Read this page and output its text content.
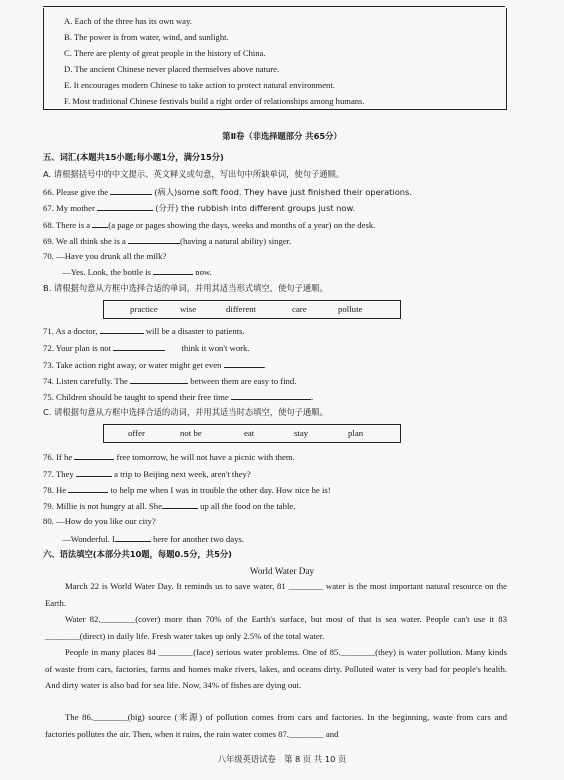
A. Each of the three has its own way.
B. The power is from water, wind, and sunlight.
C. There are plenty of great people in the history of China.
D. The ancient Chinese never placed themselves above nature.
E. It encourages modern Chinese to take action to protect natural environment.
F. Most traditional Chinese festivals build a right order of relationships among humans.
第Ⅱ卷（非选择题部分 共65分）
五、词汇(本题共15小题;每小题1分，满分15分)
A. 请根据括号中的中文提示、英文释义或句意，写出句中所缺单词，使句子通顺。
66. Please give the	(病人)some soft food. They have just finished their operations.
67. My mother	(分开) the rubbish into different groups just now.
68. There is a (a page or pages showing the days, weeks and months of a year) on the desk.
69. We all think she is a	(having a natural ability) singer.
70. —Have you drunk all the milk?
—Yes. Look, the bottle is	now.
B. 请根据句意从方框中选择合适的单词，并用其适当形式填空，使句子通顺。
practice	wise	different	care	pollute
71. As a doctor,	will be a disaster to patients.
72. Your plan is not	think it won't work.
73. Take action right away, or water might get even	.
74. Listen carefully. The	between them are easy to find.
75. Children should be taught to spend their free time	.
C. 请根据句意从方框中选择合适的动词，并用其适当时态填空，使句子通顺。
offer	not be	eat	stay	plan
76. If he	free tomorrow, he will not have a picnic with them.
77. They	a trip to Beijing next week, aren't they?
78. He	to help me when I was in trouble the other day. How nice he is!
79. Millie is not hungry at all. She	up all the food on the table.
80. —How do you like our city?
—Wonderful. I	here for another two days.
六、语法填空(本部分共10题，每题0.5分，共5分)
World Water Day
March 22 is World Water Day. It reminds us to save water, 81 ________ water is the most important natural resource on the Earth.
Water 82.________(cover) more than 70% of the Earth's surface, but most of that is sea water. People can't use it 83 ________(direct) in daily life. Fresh water takes up only 2.5% of the total water.
People in many places 84 ________(face) serious water problems. One of 85.________(they) is water pollution. Many kinds of waste from cars, factories, farms and homes make rivers, lakes, and oceans dirty. Polluted water is very bad for people's health. And dirty water is also bad for sea life. Now, 34% of fishes are dying out.
The 86.________(big) source (来源) of pollution comes from cars and factories. In the beginning, waste from cars and factories pollutes the air. Then, when it rains, the rain water comes 87.________ and
八年级英语试卷　第 8 页 共 10 页
